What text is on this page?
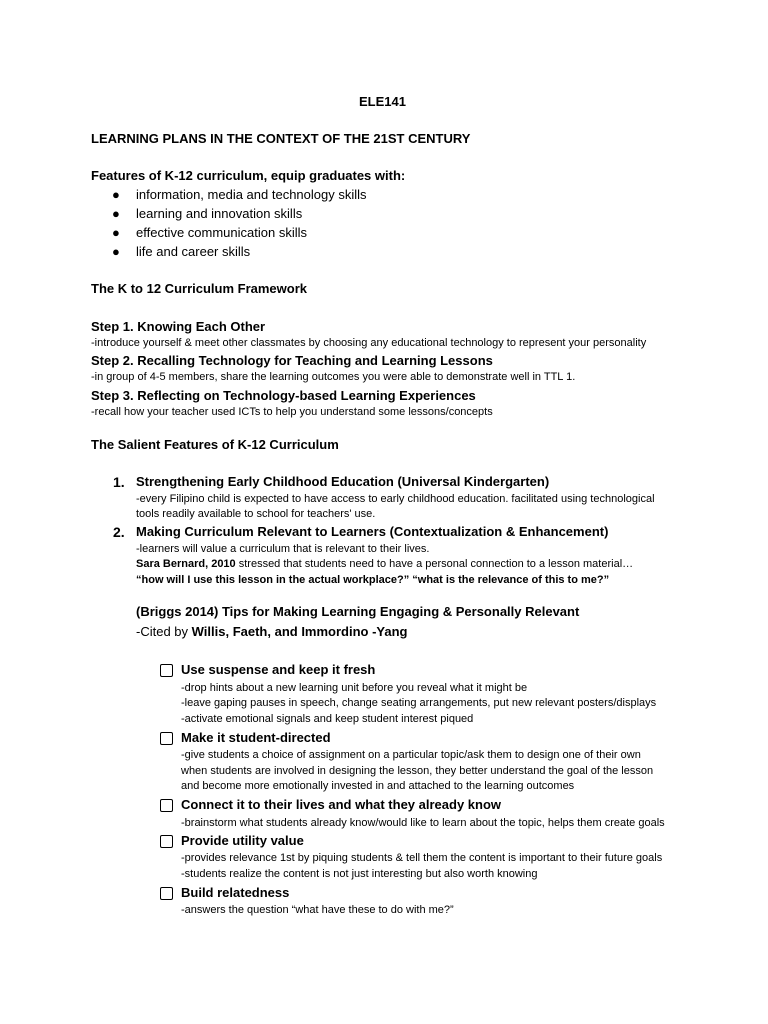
ELE141
LEARNING PLANS IN THE CONTEXT OF THE 21ST CENTURY
Features of K-12 curriculum, equip graduates with:
● information, media and technology skills
● learning and innovation skills
● effective communication skills
● life and career skills
The K to 12 Curriculum Framework
Step 1. Knowing Each Other
-introduce yourself & meet other classmates by choosing any educational technology to represent your personality
Step 2. Recalling Technology for Teaching and Learning Lessons
-in group of 4-5 members, share the learning outcomes you were able to demonstrate well in TTL 1.
Step 3. Reflecting on Technology-based Learning Experiences
-recall how your teacher used ICTs to help you understand some lessons/concepts
The Salient Features of K-12 Curriculum
1. Strengthening Early Childhood Education (Universal Kindergarten)
-every Filipino child is expected to have access to early childhood education. facilitated using technological
tools readily available to school for teachers' use.
2. Making Curriculum Relevant to Learners (Contextualization & Enhancement)
-learners will value a curriculum that is relevant to their lives.
Sara Bernard, 2010 stressed that students need to have a personal connection to a lesson material…
“how will I use this lesson in the actual workplace?” “what is the relevance of this to me?”
(Briggs 2014) Tips for Making Learning Engaging & Personally Relevant
-Cited by Willis, Faeth, and Immordino -Yang
Use suspense and keep it fresh
-drop hints about a new learning unit before you reveal what it might be
-leave gaping pauses in speech, change seating arrangements, put new relevant posters/displays
-activate emotional signals and keep student interest piqued
Make it student-directed
-give students a choice of assignment on a particular topic/ask them to design one of their own
when students are involved in designing the lesson, they better understand the goal of the lesson
and become more emotionally invested in and attached to the learning outcomes
Connect it to their lives and what they already know
-brainstorm what students already know/would like to learn about the topic, helps them create goals
Provide utility value
-provides relevance 1st by piquing students & tell them the content is important to their future goals
-students realize the content is not just interesting but also worth knowing
Build relatedness
-answers the question “what have these to do with me?”
